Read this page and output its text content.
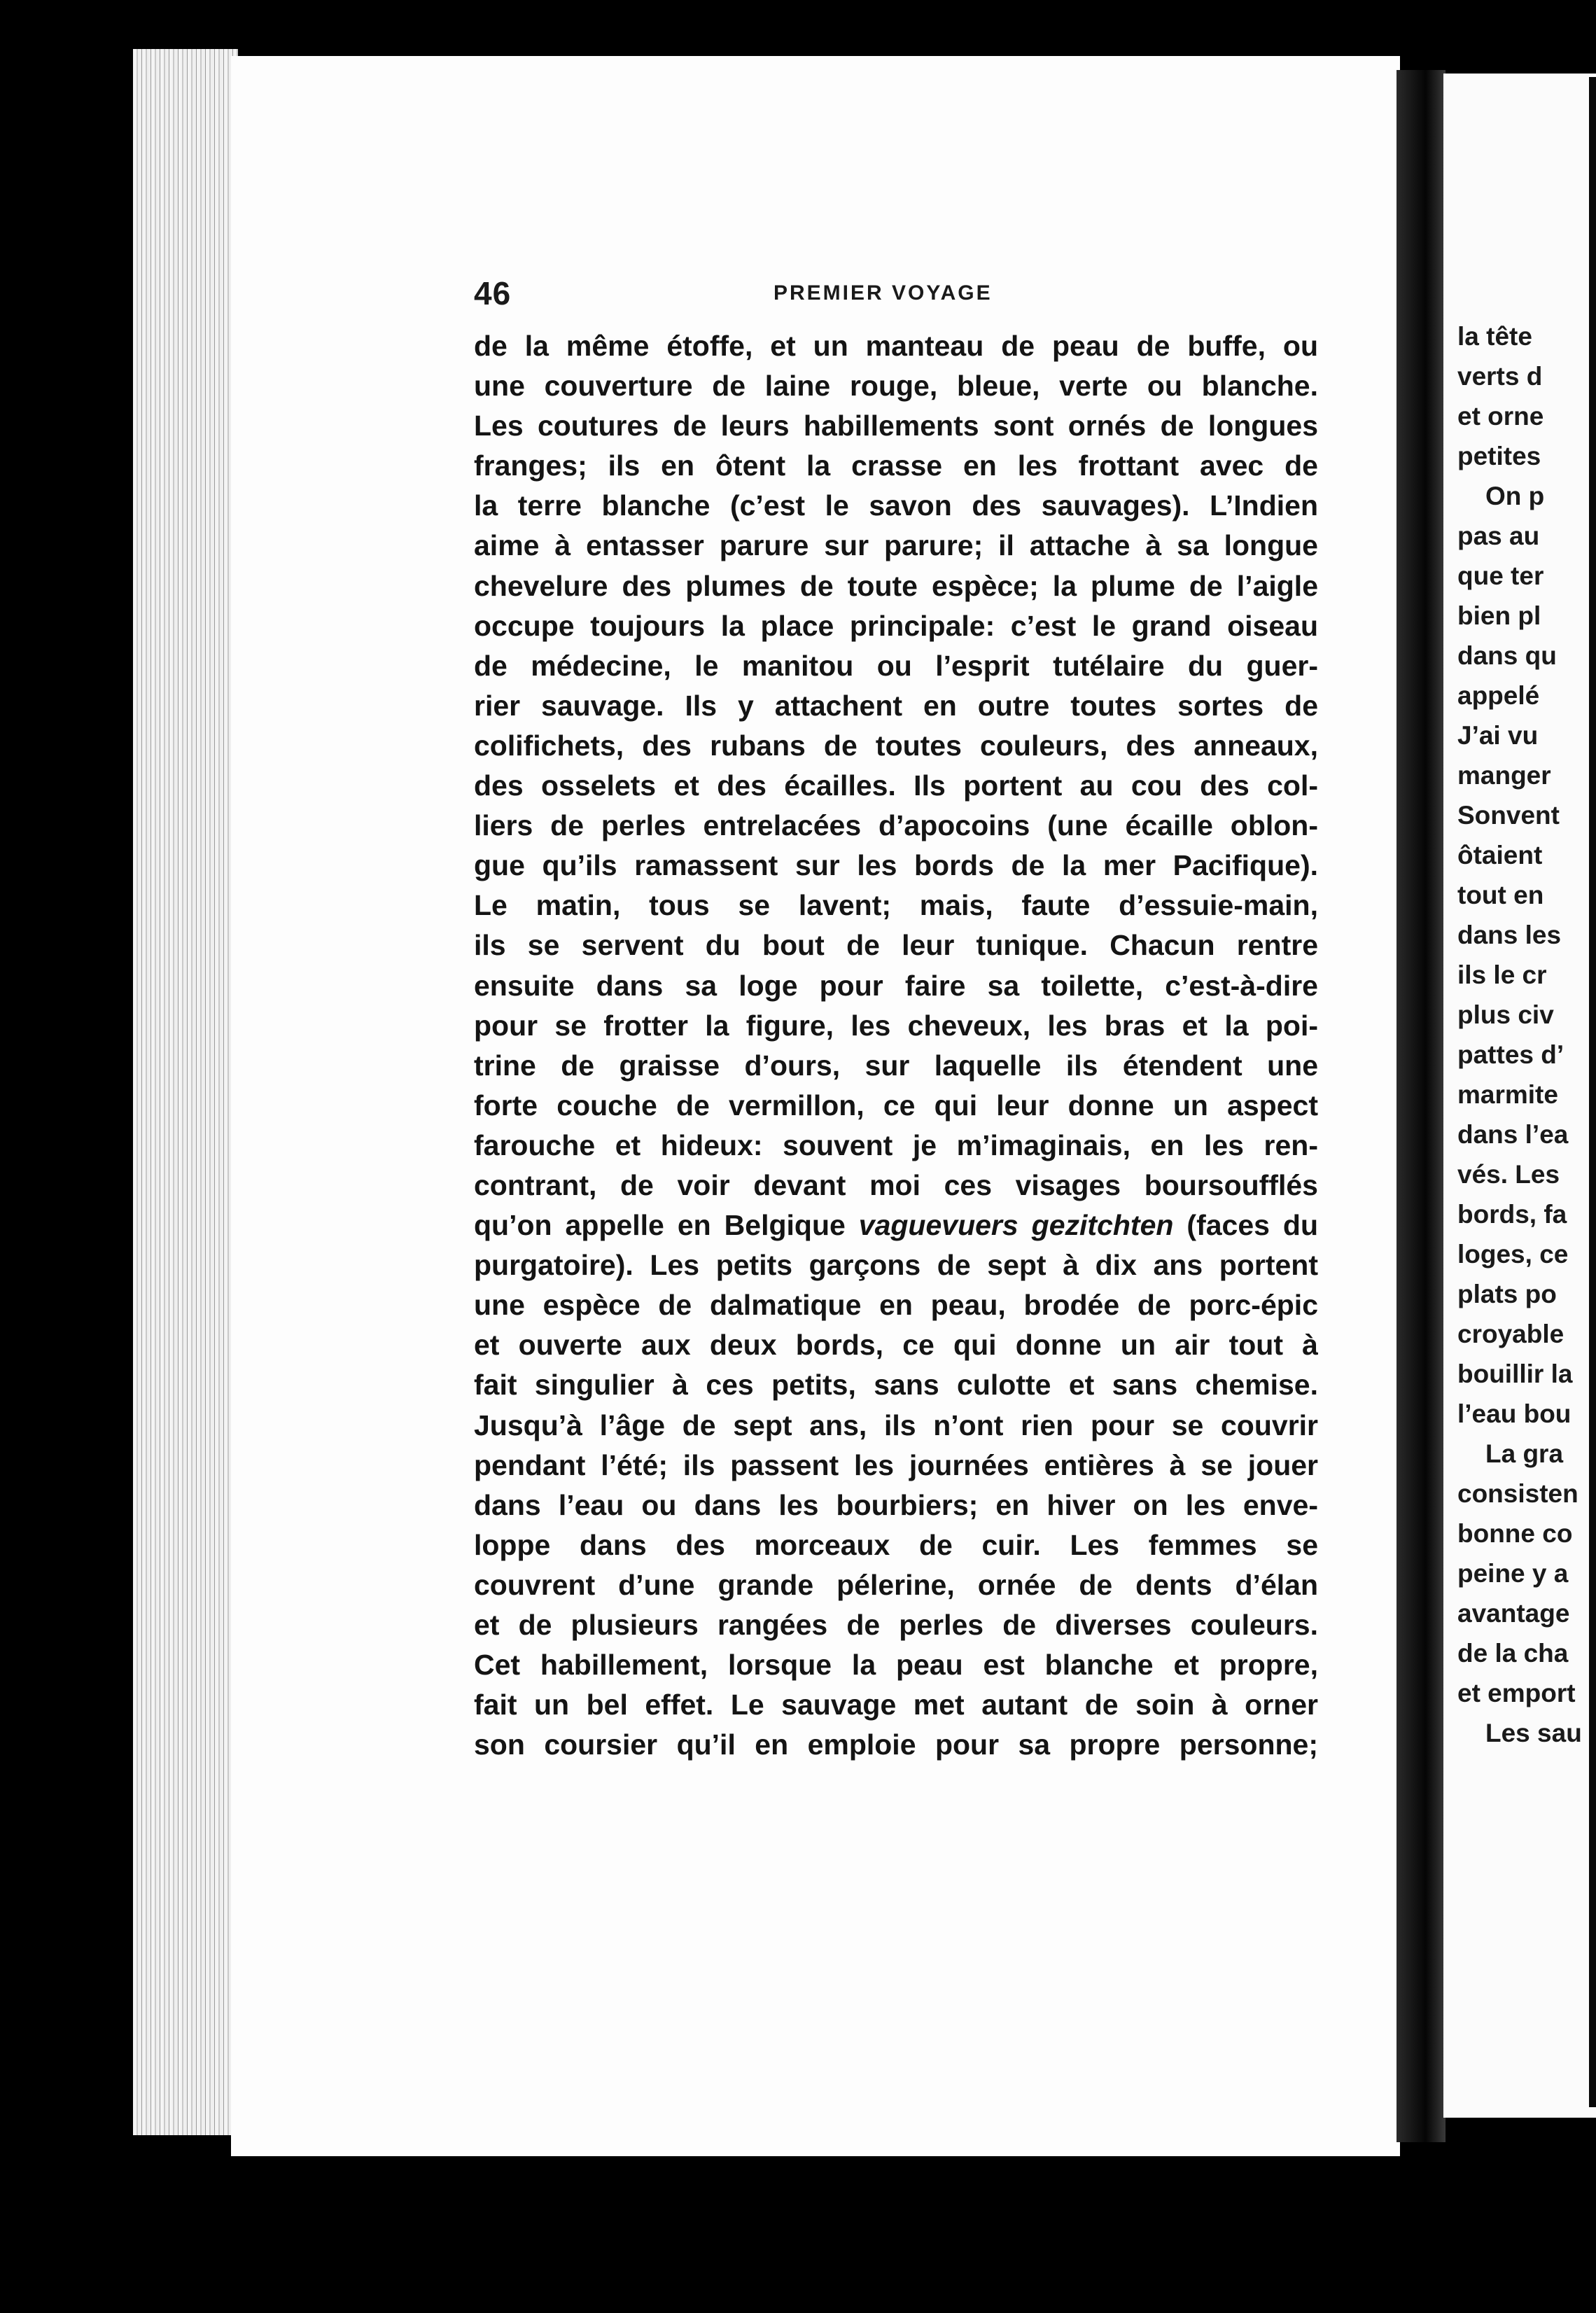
46	PREMIER VOYAGE
de la même étoffe, et un manteau de peau de buffe, ou
une couverture de laine rouge, bleue, verte ou blanche.
Les coutures de leurs habillements sont ornés de longues
franges; ils en ôtent la crasse en les frottant avec de
la terre blanche (c’est le savon des sauvages). L’Indien
aime à entasser parure sur parure; il attache à sa longue
chevelure des plumes de toute espèce; la plume de l’aigle
occupe toujours la place principale: c’est le grand oiseau
de médecine, le manitou ou l’esprit tutélaire du guer-
rier sauvage. Ils y attachent en outre toutes sortes de
colifichets, des rubans de toutes couleurs, des anneaux,
des osselets et des écailles. Ils portent au cou des col-
liers de perles entrelacées d’apocoins (une écaille oblon-
gue qu’ils ramassent sur les bords de la mer Pacifique).
Le matin, tous se lavent; mais, faute d’essuie-main,
ils se servent du bout de leur tunique. Chacun rentre
ensuite dans sa loge pour faire sa toilette, c’est-à-dire
pour se frotter la figure, les cheveux, les bras et la poi-
trine de graisse d’ours, sur laquelle ils étendent une
forte couche de vermillon, ce qui leur donne un aspect
farouche et hideux: souvent je m’imaginais, en les ren-
contrant, de voir devant moi ces visages boursoufflés
qu’on appelle en Belgique vaguevuers gezitchten (faces du
purgatoire). Les petits garçons de sept à dix ans portent
une espèce de dalmatique en peau, brodée de porc-épic
et ouverte aux deux bords, ce qui donne un air tout à
fait singulier à ces petits, sans culotte et sans chemise.
Jusqu’à l’âge de sept ans, ils n’ont rien pour se couvrir
pendant l’été; ils passent les journées entières à se jouer
dans l’eau ou dans les bourbiers; en hiver on les enve-
loppe dans des morceaux de cuir. Les femmes se
couvrent d’une grande pélerine, ornée de dents d’élan
et de plusieurs rangées de perles de diverses couleurs.
Cet habillement, lorsque la peau est blanche et propre,
fait un bel effet. Le sauvage met autant de soin à orner
son coursier qu’il en emploie pour sa propre personne;
la tête
verts d
et orne
petites
On p
pas au
que ter
bien pl
dans qu
appelé
J’ai vu
manger
Sonvent
ôtaient
tout en
dans les
ils le cr
plus civ
pattes d’
marmite
dans l’ea
vés. Les
bords, fa
loges, ce
plats po
croyable
bouillir la
l’eau bou
La gra
consisten
bonne co
peine y a
avantage
de la cha
et emport
Les sau
